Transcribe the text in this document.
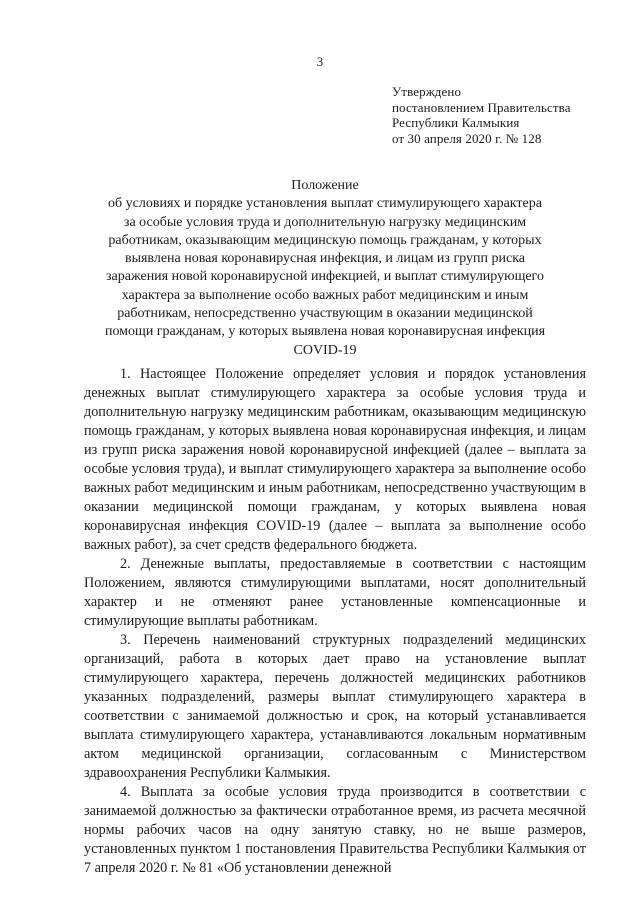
3
Утверждено
постановлением Правительства
Республики Калмыкия
от 30 апреля 2020 г. № 128
Положение
об условиях и порядке установления выплат стимулирующего характера
за особые условия труда и дополнительную нагрузку медицинским
работникам, оказывающим медицинскую помощь гражданам, у которых
выявлена новая коронавирусная инфекция, и лицам из групп риска
заражения новой коронавирусной инфекцией, и выплат стимулирующего
характера за выполнение особо важных работ медицинским и иным
работникам, непосредственно участвующим в оказании медицинской
помощи гражданам, у которых выявлена новая коронавирусная инфекция
COVID-19

1. Настоящее Положение определяет условия и порядок установления денежных выплат стимулирующего характера за особые условия труда и дополнительную нагрузку медицинским работникам, оказывающим медицинскую помощь гражданам, у которых выявлена новая коронавирусная инфекция, и лицам из групп риска заражения новой коронавирусной инфекцией (далее – выплата за особые условия труда), и выплат стимулирующего характера за выполнение особо важных работ медицинским и иным работникам, непосредственно участвующим в оказании медицинской помощи гражданам, у которых выявлена новая коронавирусная инфекция COVID-19 (далее – выплата за выполнение особо важных работ), за счет средств федерального бюджета.

2. Денежные выплаты, предоставляемые в соответствии с настоящим Положением, являются стимулирующими выплатами, носят дополнительный характер и не отменяют ранее установленные компенсационные и стимулирующие выплаты работникам.

3. Перечень наименований структурных подразделений медицинских организаций, работа в которых дает право на установление выплат стимулирующего характера, перечень должностей медицинских работников указанных подразделений, размеры выплат стимулирующего характера в соответствии с занимаемой должностью и срок, на который устанавливается выплата стимулирующего характера, устанавливаются локальным нормативным актом медицинской организации, согласованным с Министерством здравоохранения Республики Калмыкия.

4. Выплата за особые условия труда производится в соответствии с занимаемой должностью за фактически отработанное время, из расчета месячной нормы рабочих часов на одну занятую ставку, но не выше размеров, установленных пунктом 1 постановления Правительства Республики Калмыкия от 7 апреля 2020 г. № 81 «Об установлении денежной
